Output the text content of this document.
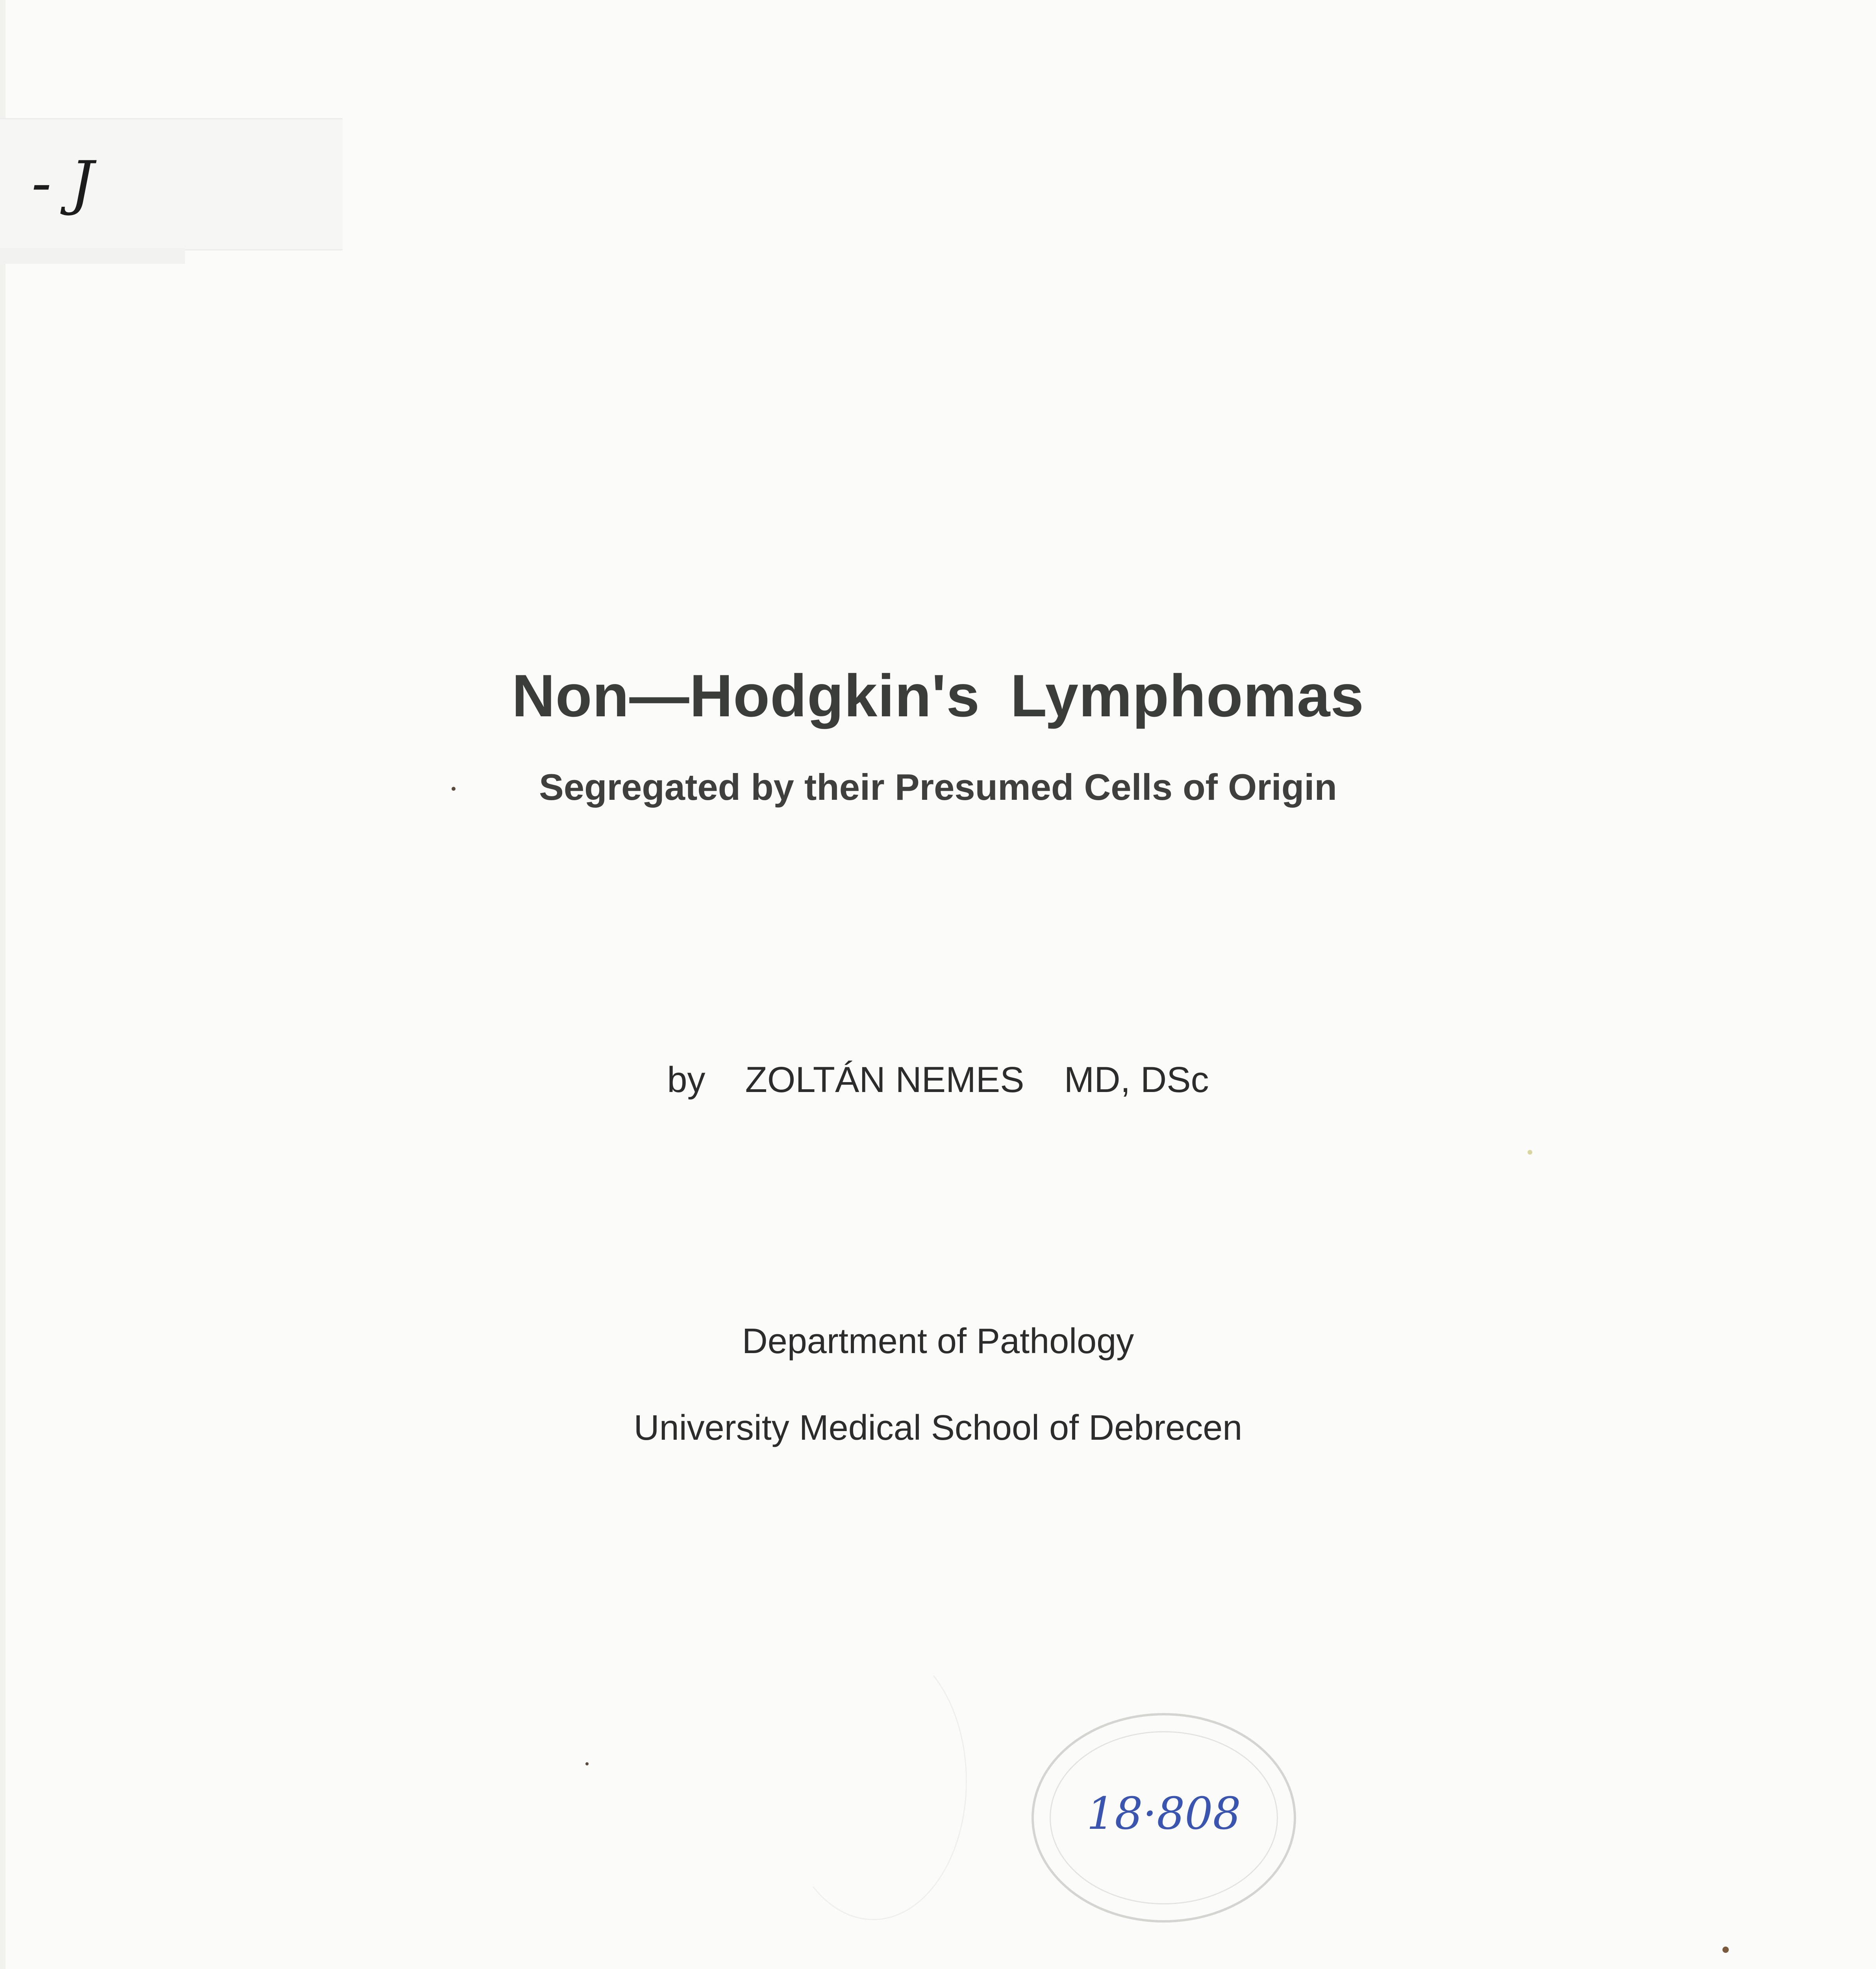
- J
Non—Hodgkin's Lymphomas
Segregated by their Presumed Cells of Origin
by ZOLTÁN NEMES MD, DSc
Department of Pathology
University Medical School of Debrecen
18·808
